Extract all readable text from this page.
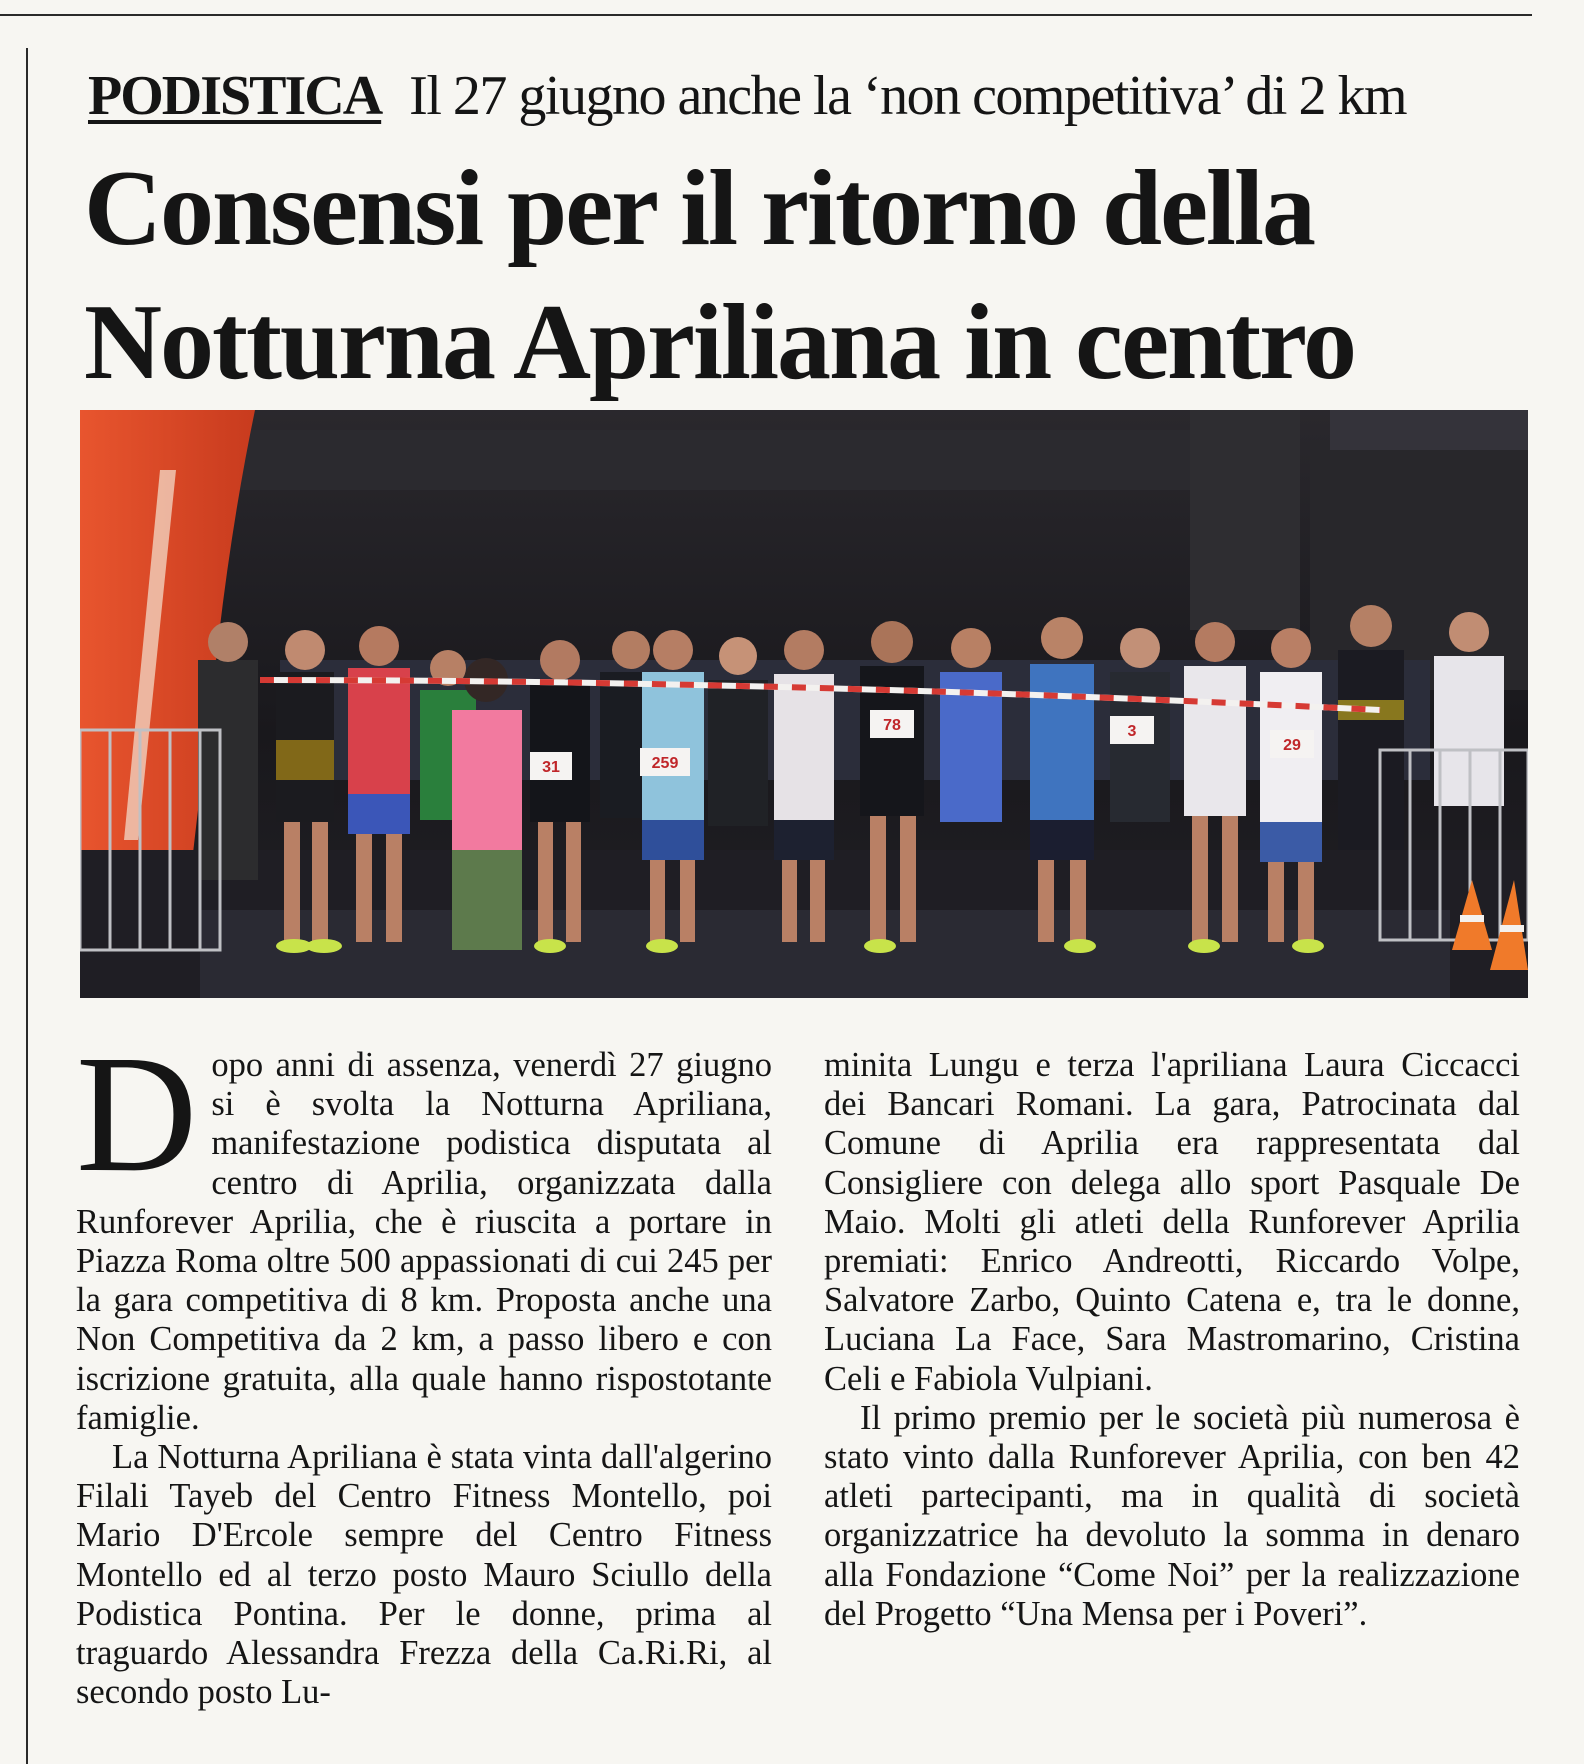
PODISTICA Il 27 giugno anche la ‘non competitiva’ di 2 km
Consensi per il ritorno della
Notturna Apriliana in centro
31	259
78	3
29

Dopo anni di assenza, venerdì 27 giugno si è svolta la Notturna Apriliana, manifestazione podistica disputata al centro di Aprilia, organizzata dalla Runforever Aprilia, che è riuscita a portare in Piazza Roma oltre 500 appassionati di cui 245 per la gara competitiva di 8 km. Proposta anche una Non Competitiva da 2 km, a passo libero e con iscrizione gratuita, alla quale hanno rispostotante famiglie.

La Notturna Apriliana è stata vinta dall'algerino Filali Tayeb del Centro Fitness Montello, poi Mario D'Ercole sempre del Centro Fitness Montello ed al terzo posto Mauro Sciullo della Podistica Pontina. Per le donne, prima al traguardo Alessandra Frezza della Ca.Ri.Ri, al secondo posto Lu-

minita Lungu e terza l'apriliana Laura Ciccacci dei Bancari Romani. La gara, Patrocinata dal Comune di Aprilia era rappresentata dal Consigliere con delega allo sport Pasquale De Maio. Molti gli atleti della Runforever Aprilia premiati: Enrico Andreotti, Riccardo Volpe, Salvatore Zarbo, Quinto Catena e, tra le donne, Luciana La Face, Sara Mastromarino, Cristina Celi e Fabiola Vulpiani.

Il primo premio per le società più numerosa è stato vinto dalla Runforever Aprilia, con ben 42 atleti partecipanti, ma in qualità di società organizzatrice ha devoluto la somma in denaro alla Fondazione “Come Noi” per la realizzazione del Progetto “Una Mensa per i Poveri”.
